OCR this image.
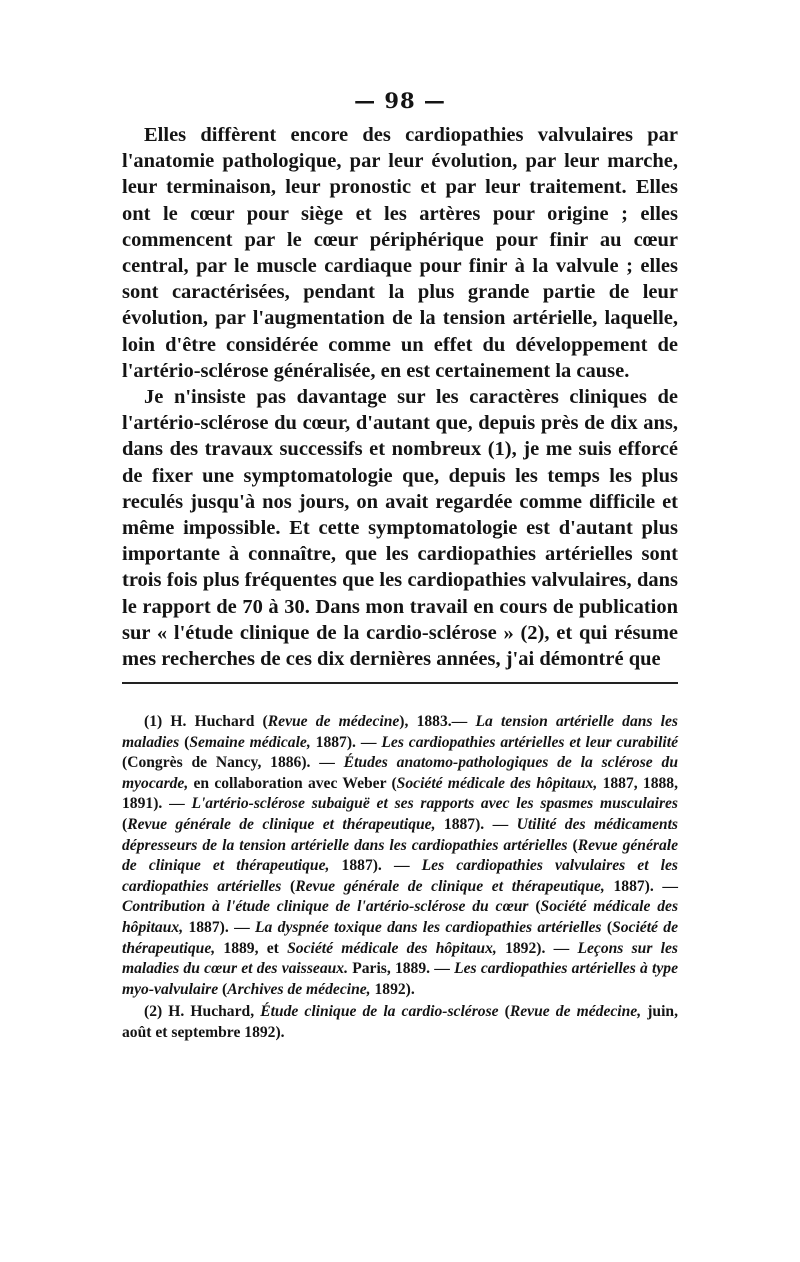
— 98 —

Elles diffèrent encore des cardiopathies valvulaires par l'anatomie pathologique, par leur évolution, par leur marche, leur terminaison, leur pronostic et par leur traitement. Elles ont le cœur pour siège et les artères pour origine ; elles commencent par le cœur périphérique pour finir au cœur central, par le muscle cardiaque pour finir à la valvule ; elles sont caractérisées, pendant la plus grande partie de leur évolution, par l'augmentation de la tension artérielle, laquelle, loin d'être considérée comme un effet du développement de l'artério-sclérose généralisée, en est certainement la cause.

Je n'insiste pas davantage sur les caractères cliniques de l'artério-sclérose du cœur, d'autant que, depuis près de dix ans, dans des travaux successifs et nombreux (1), je me suis efforcé de fixer une symptomatologie que, depuis les temps les plus reculés jusqu'à nos jours, on avait regardée comme difficile et même impossible. Et cette symptomatologie est d'autant plus importante à connaître, que les cardiopathies artérielles sont trois fois plus fréquentes que les cardiopathies valvulaires, dans le rapport de 70 à 30. Dans mon travail en cours de publication sur « l'étude clinique de la cardio-sclérose » (2), et qui résume mes recherches de ces dix dernières années, j'ai démontré que

(1) H. Huchard (Revue de médecine), 1883.— La tension artérielle dans les maladies (Semaine médicale, 1887). — Les cardiopathies artérielles et leur curabilité (Congrès de Nancy, 1886). — Études anatomo-pathologiques de la sclérose du myocarde, en collaboration avec Weber (Société médicale des hôpitaux, 1887, 1888, 1891). — L'artério-sclérose subaiguë et ses rapports avec les spasmes musculaires (Revue générale de clinique et thérapeutique, 1887). — Utilité des médicaments dépresseurs de la tension artérielle dans les cardiopathies artérielles (Revue générale de clinique et thérapeutique, 1887). — Les cardiopathies valvulaires et les cardiopathies artérielles (Revue générale de clinique et thérapeutique, 1887). — Contribution à l'étude clinique de l'artério-sclérose du cœur (Société médicale des hôpitaux, 1887). — La dyspnée toxique dans les cardiopathies artérielles (Société de thérapeutique, 1889, et Société médicale des hôpitaux, 1892). — Leçons sur les maladies du cœur et des vaisseaux. Paris, 1889. — Les cardiopathies artérielles à type myo-valvulaire (Archives de médecine, 1892).

(2) H. Huchard, Étude clinique de la cardio-sclérose (Revue de médecine, juin, août et septembre 1892).
